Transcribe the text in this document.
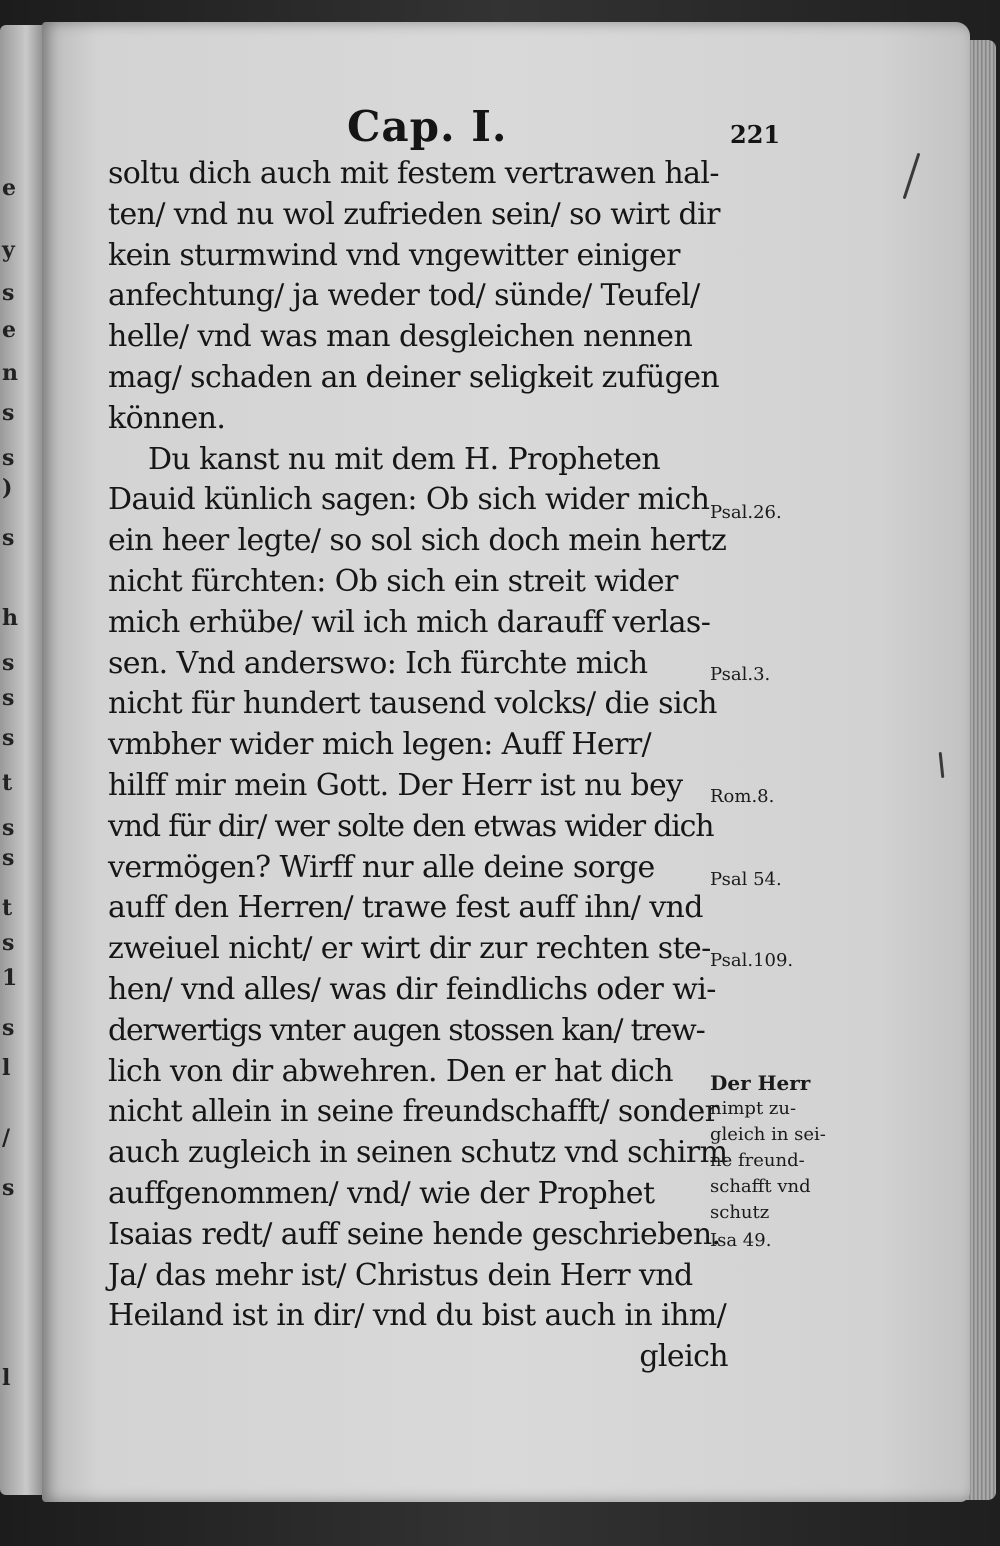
e
y
s
e
n
s
s
)
s
h
s
s
s
t
s
s
t
s
1
s
l
/
s
l
Cap. I.	221
soltu dich auch mit festem vertrawen hal-
ten/ vnd nu wol zufrieden sein/ so wirt dir
kein sturmwind vnd vngewitter einiger
anfechtung/ ja weder tod/ sünde/ Teufel/
helle/ vnd was man desgleichen nennen
mag/ schaden an deiner seligkeit zufügen
können.
Du kanst nu mit dem H. Propheten
Dauid künlich sagen: Ob sich wider mich
ein heer legte/ so sol sich doch mein hertz
nicht fürchten: Ob sich ein streit wider
mich erhübe/ wil ich mich darauff verlas-
sen. Vnd anderswo: Ich fürchte mich
nicht für hundert tausend volcks/ die sich
vmbher wider mich legen: Auff Herr/
hilff mir mein Gott. Der Herr ist nu bey
vnd für dir/ wer solte den etwas wider dich
vermögen? Wirff nur alle deine sorge
auff den Herren/ trawe fest auff ihn/ vnd
zweiuel nicht/ er wirt dir zur rechten ste-
hen/ vnd alles/ was dir feindlichs oder wi-
derwertigs vnter augen stossen kan/ trew-
lich von dir abwehren. Den er hat dich
nicht allein in seine freundschafft/ sonder
auch zugleich in seinen schutz vnd schirm
auffgenommen/ vnd/ wie der Prophet
Isaias redt/ auff seine hende geschrieben.
Ja/ das mehr ist/ Christus dein Herr vnd
Heiland ist in dir/ vnd du bist auch in ihm/
gleich
Psal.26.
Psal.3.
Rom.8.
Psal 54.
Psal.109.
Der Herr
nimpt zu-
gleich in sei-
ne freund-
schafft vnd
schutz
Isa 49.
